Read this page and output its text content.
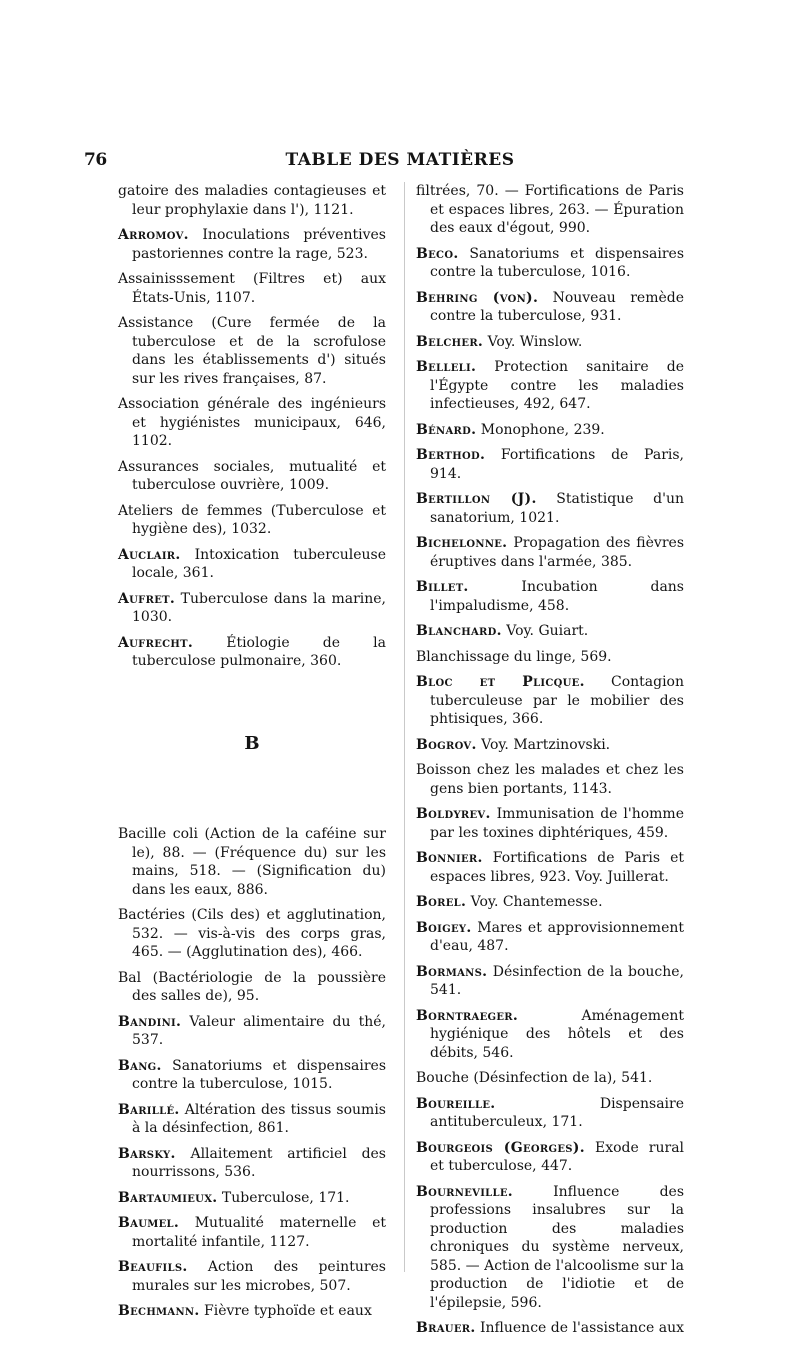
76	TABLE DES MATIÈRES

gatoire des maladies contagieuses et leur prophylaxie dans l'), 1121.

Arromov. Inoculations préventives pastoriennes contre la rage, 523.

Assainisssement (Filtres et) aux États-Unis, 1107.

Assistance (Cure fermée de la tuberculose et de la scrofulose dans les établissements d') situés sur les rives françaises, 87.

Association générale des ingénieurs et hygiénistes municipaux, 646, 1102.

Assurances sociales, mutualité et tuberculose ouvrière, 1009.

Ateliers de femmes (Tuberculose et hygiène des), 1032.

Auclair. Intoxication tuberculeuse locale, 361.

Aufret. Tuberculose dans la marine, 1030.

Aufrecht. Étiologie de la tuberculose pulmonaire, 360.

B

Bacille coli (Action de la caféine sur le), 88. — (Fréquence du) sur les mains, 518. — (Signification du) dans les eaux, 886.

Bactéries (Cils des) et agglutination, 532. — vis-à-vis des corps gras, 465. — (Agglutination des), 466.

Bal (Bactériologie de la poussière des salles de), 95.

Bandini. Valeur alimentaire du thé, 537.

Bang. Sanatoriums et dispensaires contre la tuberculose, 1015.

Barillé. Altération des tissus soumis à la désinfection, 861.

Barsky. Allaitement artificiel des nourrissons, 536.

Bartaumieux. Tuberculose, 171.

Baumel. Mutualité maternelle et mortalité infantile, 1127.

Beaufils. Action des peintures murales sur les microbes, 507.

Bechmann. Fièvre typhoïde et eaux

filtrées, 70. — Fortifications de Paris et espaces libres, 263. — Épuration des eaux d'égout, 990.

Beco. Sanatoriums et dispensaires contre la tuberculose, 1016.

Behring (von). Nouveau remède contre la tuberculose, 931.

Belcher. Voy. Winslow.

Belleli. Protection sanitaire de l'Égypte contre les maladies infectieuses, 492, 647.

Bénard. Monophone, 239.

Berthod. Fortifications de Paris, 914.

Bertillon (J). Statistique d'un sanatorium, 1021.

Bichelonne. Propagation des fièvres éruptives dans l'armée, 385.

Billet.	Incubation dans l'impaludisme, 458.

Blanchard. Voy. Guiart.

Blanchissage du linge, 569.

Bloc et Plicque. Contagion tuberculeuse par le mobilier des phtisiques, 366.

Bogrov. Voy. Martzinovski.

Boisson chez les malades et chez les gens bien portants, 1143.

Boldyrev. Immunisation de l'homme par les toxines diphtériques, 459.

Bonnier. Fortifications de Paris et espaces libres, 923. Voy. Juillerat.

Borel. Voy. Chantemesse.

Boigey. Mares et approvisionnement d'eau, 487.

Bormans. Désinfection de la bouche, 541.

Borntraeger.	Aménagement hygiénique des hôtels et des débits, 546.

Bouche (Désinfection de la), 541.

Boureille.	Dispensaire antituberculeux, 171.

Bourgeois (Georges). Exode rural et tuberculose, 447.

Bourneville.	Influence des professions insalubres sur la production des maladies chroniques du système nerveux, 585. — Action de l'alcoolisme sur la production de l'idiotie et de l'épilepsie, 596.

Brauer. Influence de l'assistance aux
